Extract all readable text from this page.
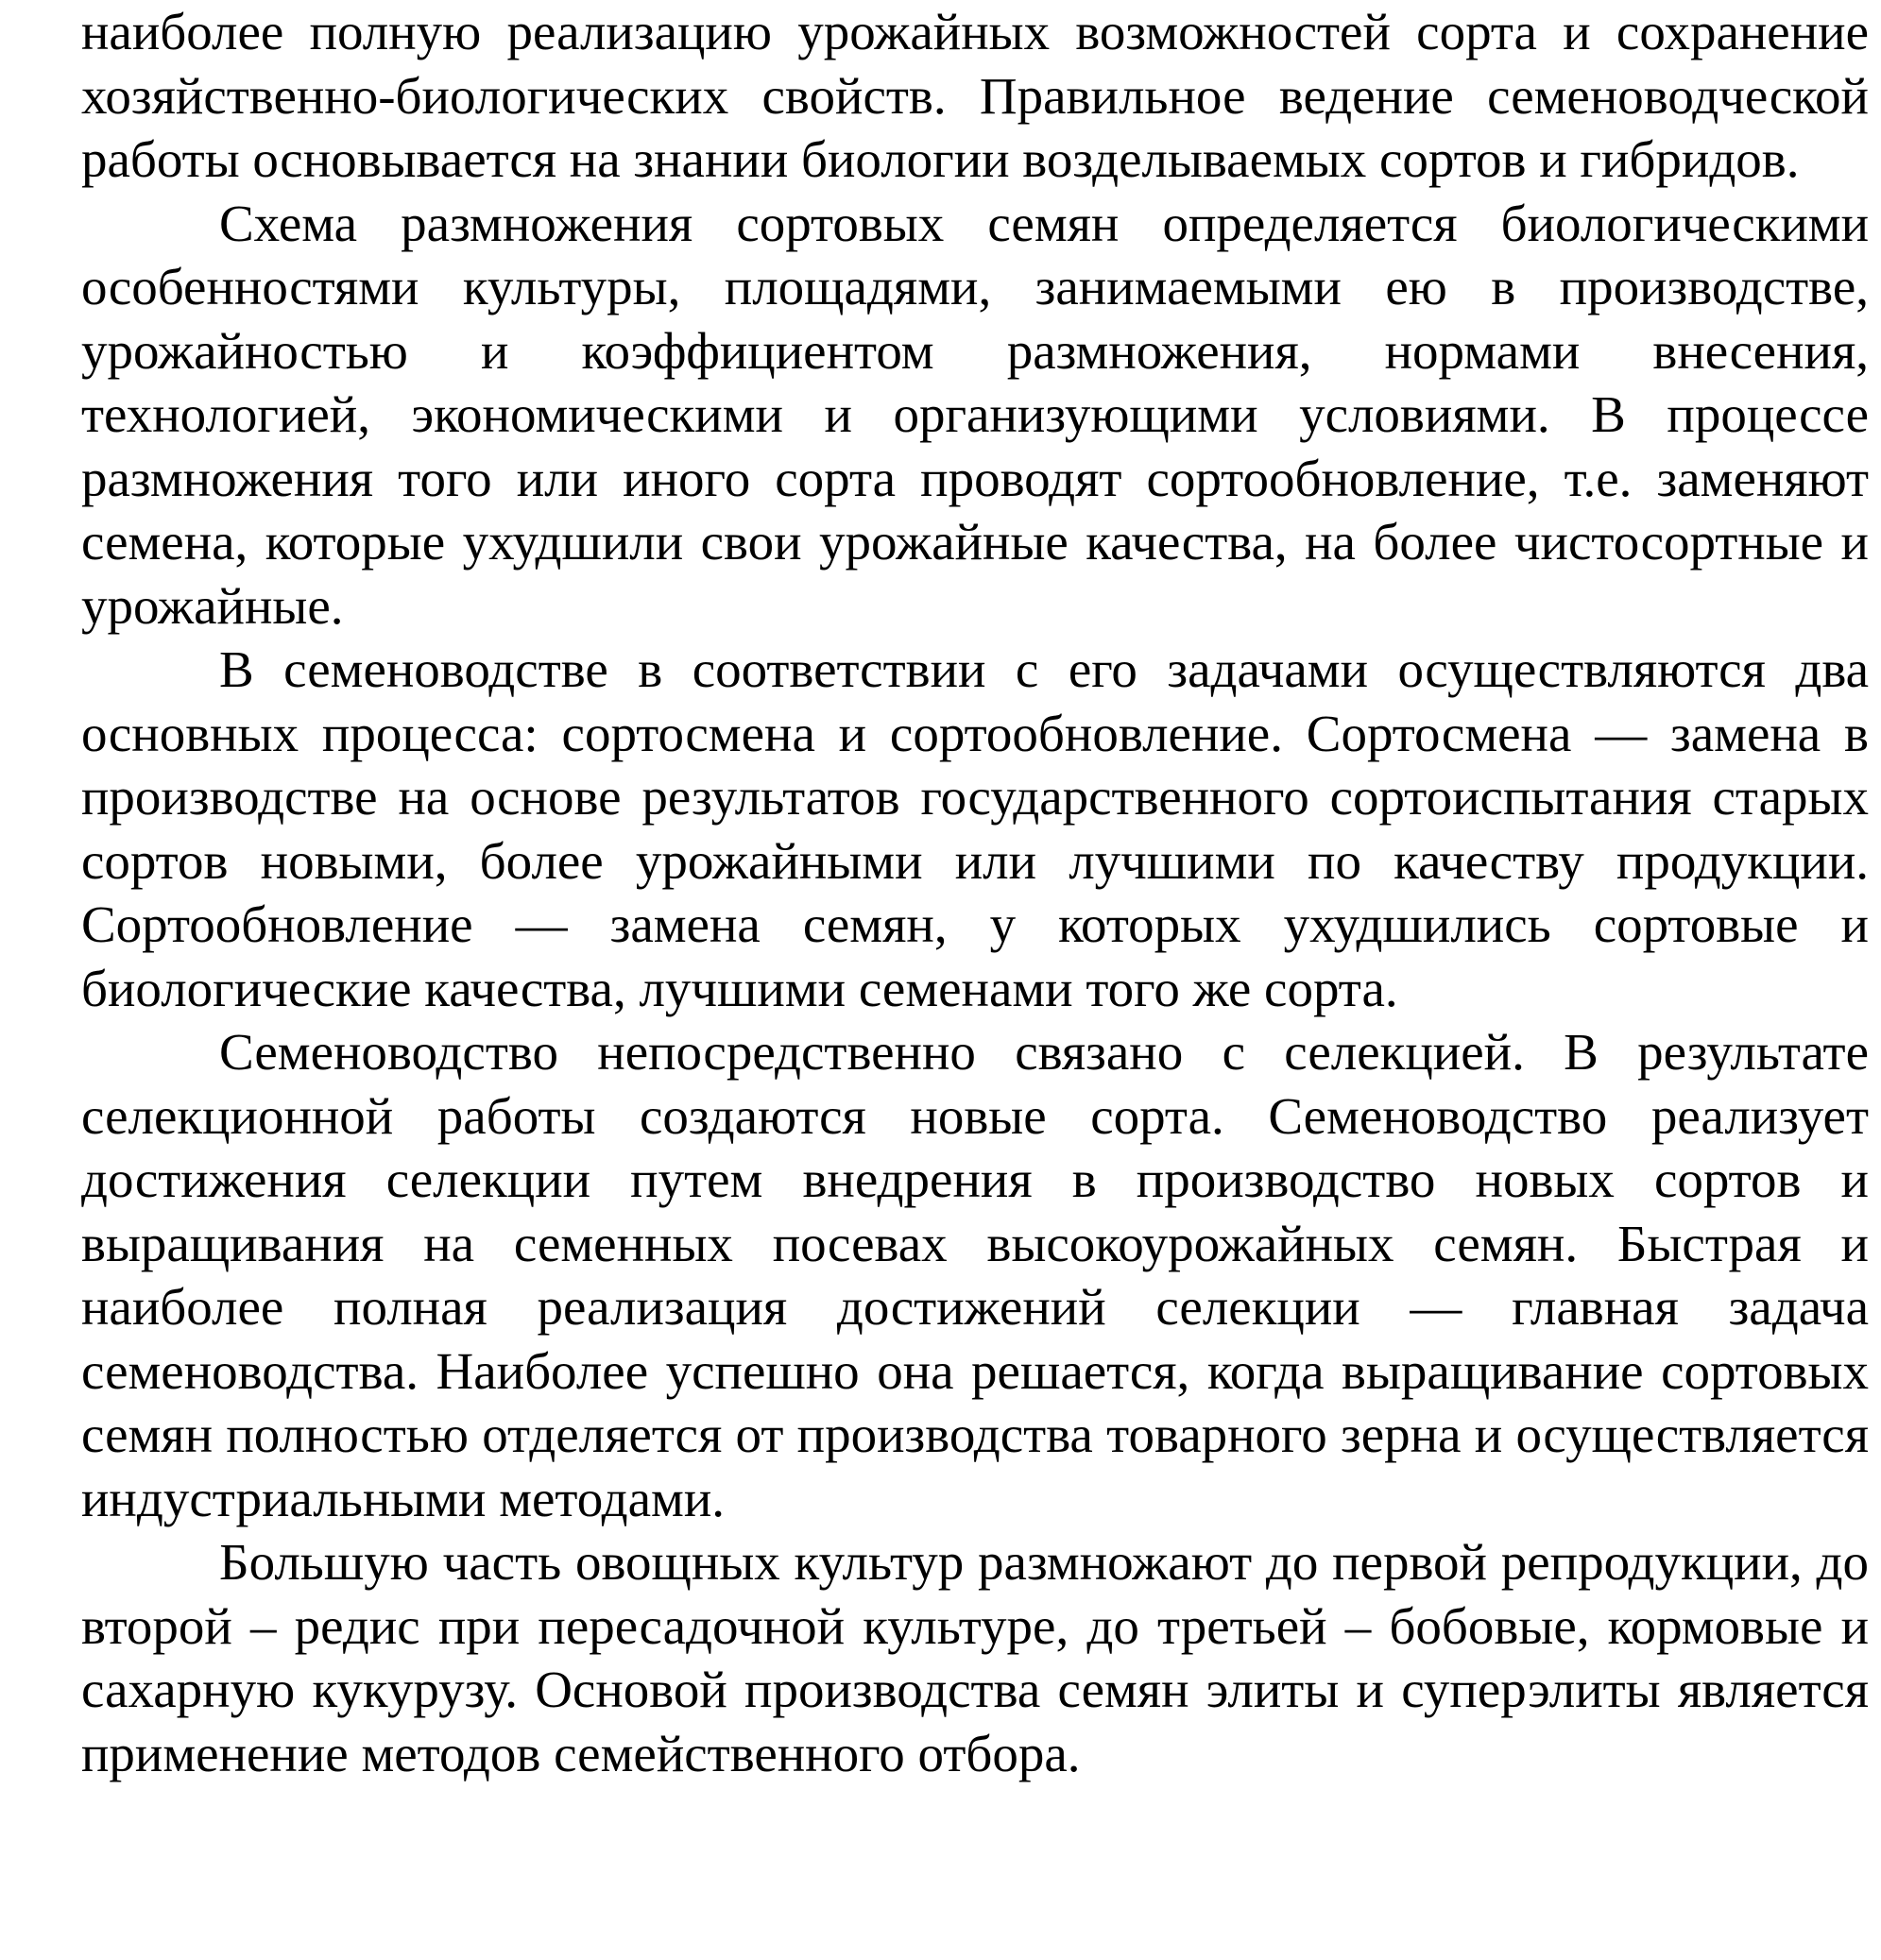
наиболее полную реализацию урожайных возможностей сорта и сохранение хозяйственно-биологических свойств. Правильное ведение семеноводческой работы основывается на знании биологии возделываемых сортов и гибридов.

Схема размножения сортовых семян определяется биологическими особенностями культуры, площадями, занимаемыми ею в производстве, урожайностью и коэффициентом размножения, нормами внесения, технологией, экономическими и организующими условиями. В процессе размножения того или иного сорта проводят сортообновление, т.е. заменяют семена, которые ухудшили свои урожайные качества, на более чистосортные и урожайные.

В семеноводстве в соответствии с его задачами осуществляются два основных процесса: сортосмена и сортообновление. Сортосмена — замена в производстве на основе результатов государственного сортоиспытания старых сортов новыми, более урожайными или лучшими по качеству продукции. Сортообновление — замена семян, у которых ухудшились сортовые и биологические качества, лучшими семенами того же сорта.

Семеноводство непосредственно связано с селекцией. В результате селекционной работы создаются новые сорта. Семеноводство реализует достижения селекции путем внедрения в производство новых сортов и выращивания на семенных посевах высокоурожайных семян. Быстрая и наиболее полная реализация достижений селекции — главная задача семеноводства. Наиболее успешно она решается, когда выращивание сортовых семян полностью отделяется от производства товарного зерна и осуществляется индустриальными методами.

Большую часть овощных культур размножают до первой репродукции, до второй – редис при пересадочной культуре, до третьей – бобовые, кормовые и сахарную кукурузу. Основой производства семян элиты и суперэлиты является применение методов семейственного отбора.
